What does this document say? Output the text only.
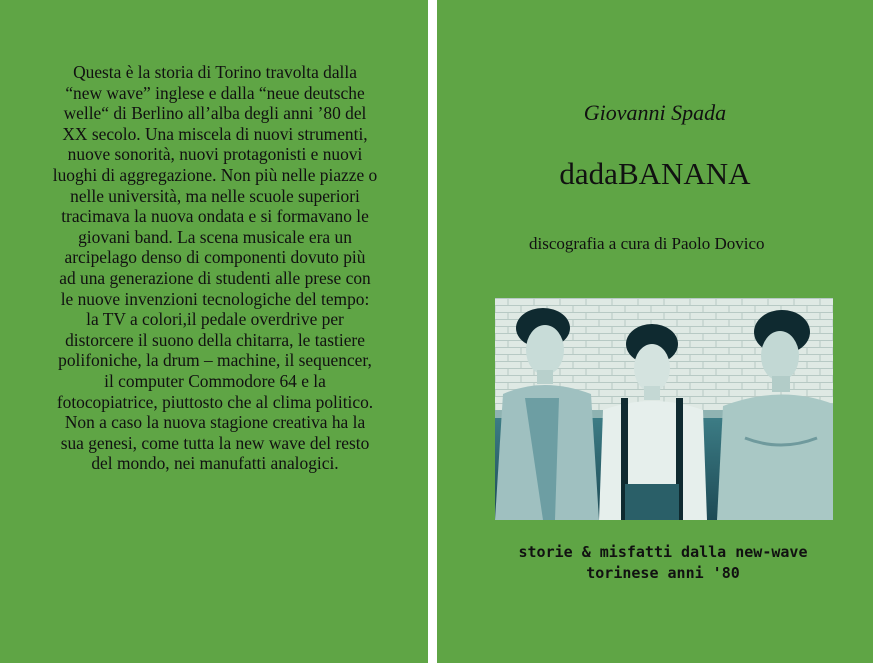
Questa è la storia di Torino travolta dalla
“new wave” inglese e dalla “neue deutsche
welle“ di Berlino all’alba degli anni ’80 del
XX secolo. Una miscela di nuovi strumenti,
nuove sonorità, nuovi protagonisti e nuovi
luoghi di aggregazione. Non più nelle piazze o
nelle università, ma nelle scuole superiori
tracimava la nuova ondata e si formavano le
giovani band. La scena musicale era un
arcipelago denso di componenti dovuto più
ad una generazione di studenti alle prese con
le nuove invenzioni tecnologiche del tempo:
la TV a colori,il pedale overdrive per
distorcere il suono della chitarra, le tastiere
polifoniche, la drum – machine, il sequencer,
il computer Commodore 64 e la
fotocopiatrice, piuttosto che al clima politico.
Non a caso la nuova stagione creativa ha la
sua genesi, come tutta la new wave del resto
del mondo, nei manufatti analogici.

Giovanni Spada
dadaBANANA
discografia a cura di Paolo Dovico
storie & misfatti dalla new-wave
torinese anni '80
